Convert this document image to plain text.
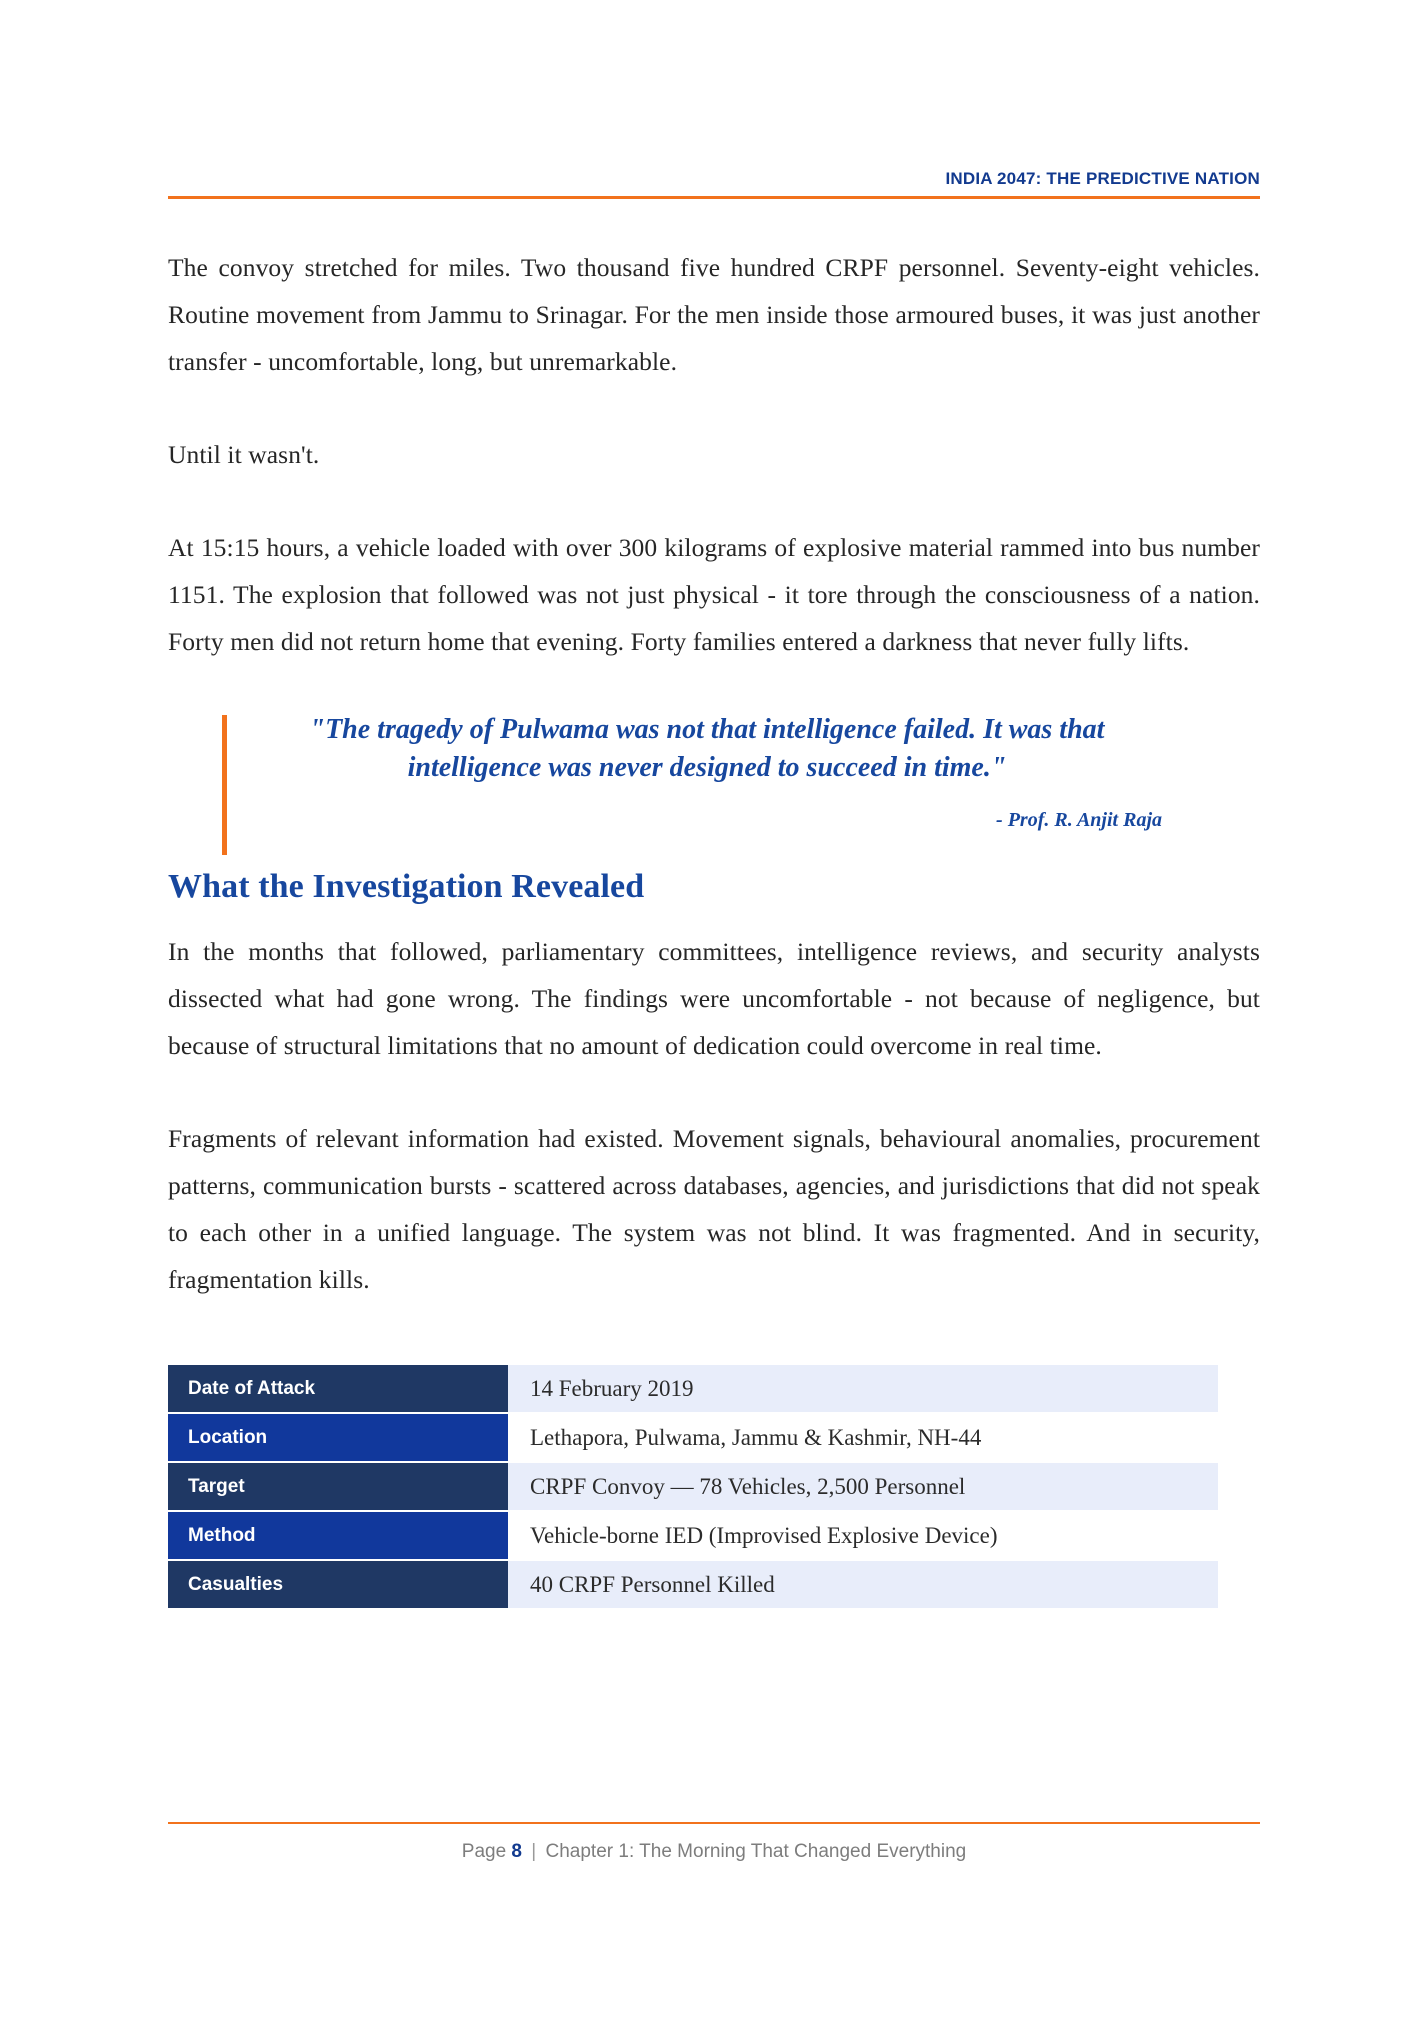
INDIA 2047: THE PREDICTIVE NATION

The convoy stretched for miles. Two thousand five hundred CRPF personnel. Seventy-eight vehicles. Routine movement from Jammu to Srinagar. For the men inside those armoured buses, it was just another transfer - uncomfortable, long, but unremarkable.

Until it wasn't.

At 15:15 hours, a vehicle loaded with over 300 kilograms of explosive material rammed into bus number 1151. The explosion that followed was not just physical - it tore through the consciousness of a nation. Forty men did not return home that evening. Forty families entered a darkness that never fully lifts.

"The tragedy of Pulwama was not that intelligence failed. It was that intelligence was never designed to succeed in time."
- Prof. R. Anjit Raja
What the Investigation Revealed

In the months that followed, parliamentary committees, intelligence reviews, and security analysts dissected what had gone wrong. The findings were uncomfortable - not because of negligence, but because of structural limitations that no amount of dedication could overcome in real time.

Fragments of relevant information had existed. Movement signals, behavioural anomalies, procurement patterns, communication bursts - scattered across databases, agencies, and jurisdictions that did not speak to each other in a unified language. The system was not blind. It was fragmented. And in security, fragmentation kills.

Date of Attack	14 February 2019
Location	Lethapora, Pulwama, Jammu & Kashmir, NH-44
Target	CRPF Convoy — 78 Vehicles, 2,500 Personnel
Method	Vehicle-borne IED (Improvised Explosive Device)
Casualties	40 CRPF Personnel Killed
Page 8 | Chapter 1: The Morning That Changed Everything
